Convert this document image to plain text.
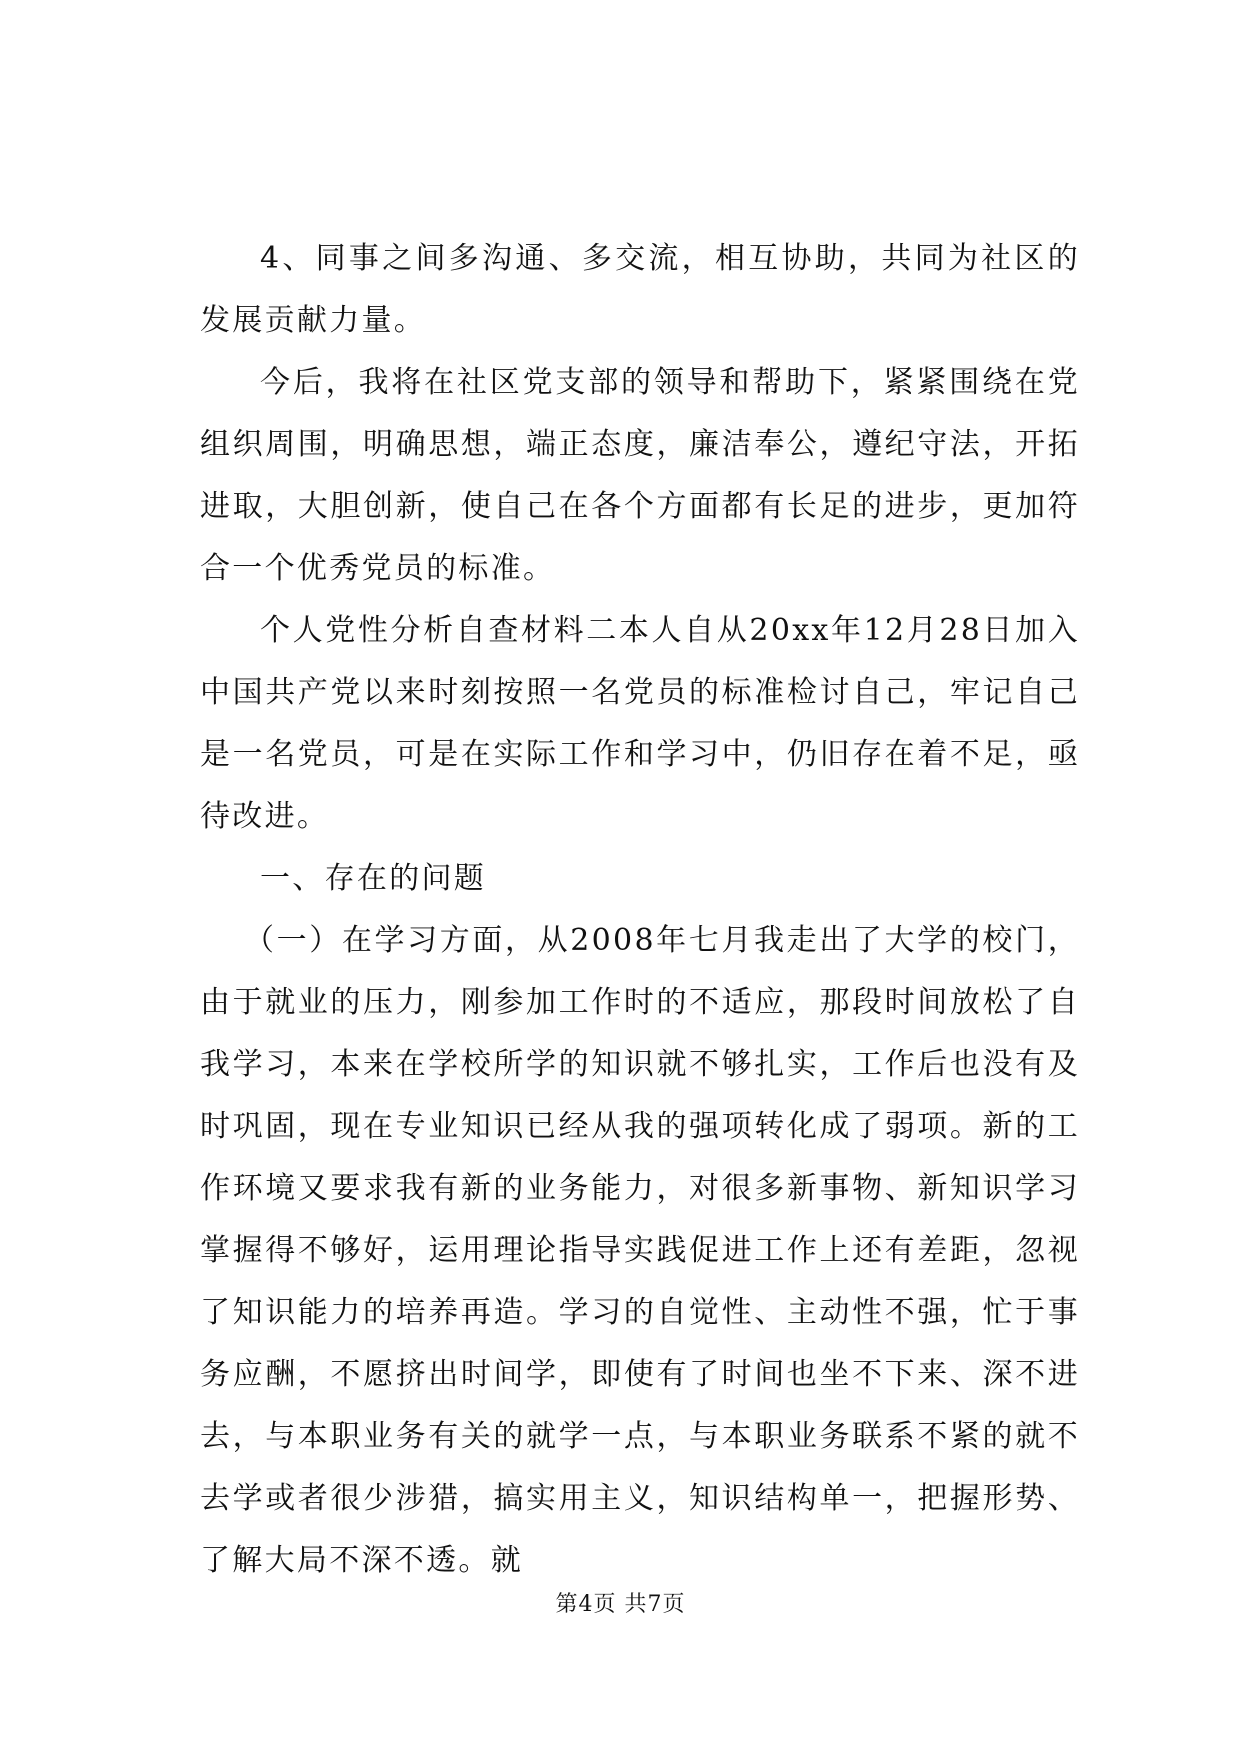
4、同事之间多沟通、多交流，相互协助，共同为社区的发展贡献力量。

今后，我将在社区党支部的领导和帮助下，紧紧围绕在党组织周围，明确思想，端正态度，廉洁奉公，遵纪守法，开拓进取，大胆创新，使自己在各个方面都有长足的进步，更加符合一个优秀党员的标准。

个人党性分析自查材料二本人自从20xx年12月28日加入中国共产党以来时刻按照一名党员的标准检讨自己，牢记自己是一名党员，可是在实际工作和学习中，仍旧存在着不足，亟待改进。

一、存在的问题

（一）在学习方面，从2008年七月我走出了大学的校门，由于就业的压力，刚参加工作时的不适应，那段时间放松了自我学习，本来在学校所学的知识就不够扎实，工作后也没有及时巩固，现在专业知识已经从我的强项转化成了弱项。新的工作环境又要求我有新的业务能力，对很多新事物、新知识学习掌握得不够好，运用理论指导实践促进工作上还有差距，忽视了知识能力的培养再造。学习的自觉性、主动性不强，忙于事务应酬，不愿挤出时间学，即使有了时间也坐不下来、深不进去，与本职业务有关的就学一点，与本职业务联系不紧的就不去学或者很少涉猎，搞实用主义，知识结构单一，把握形势、了解大局不深不透。就

第4页 共7页
